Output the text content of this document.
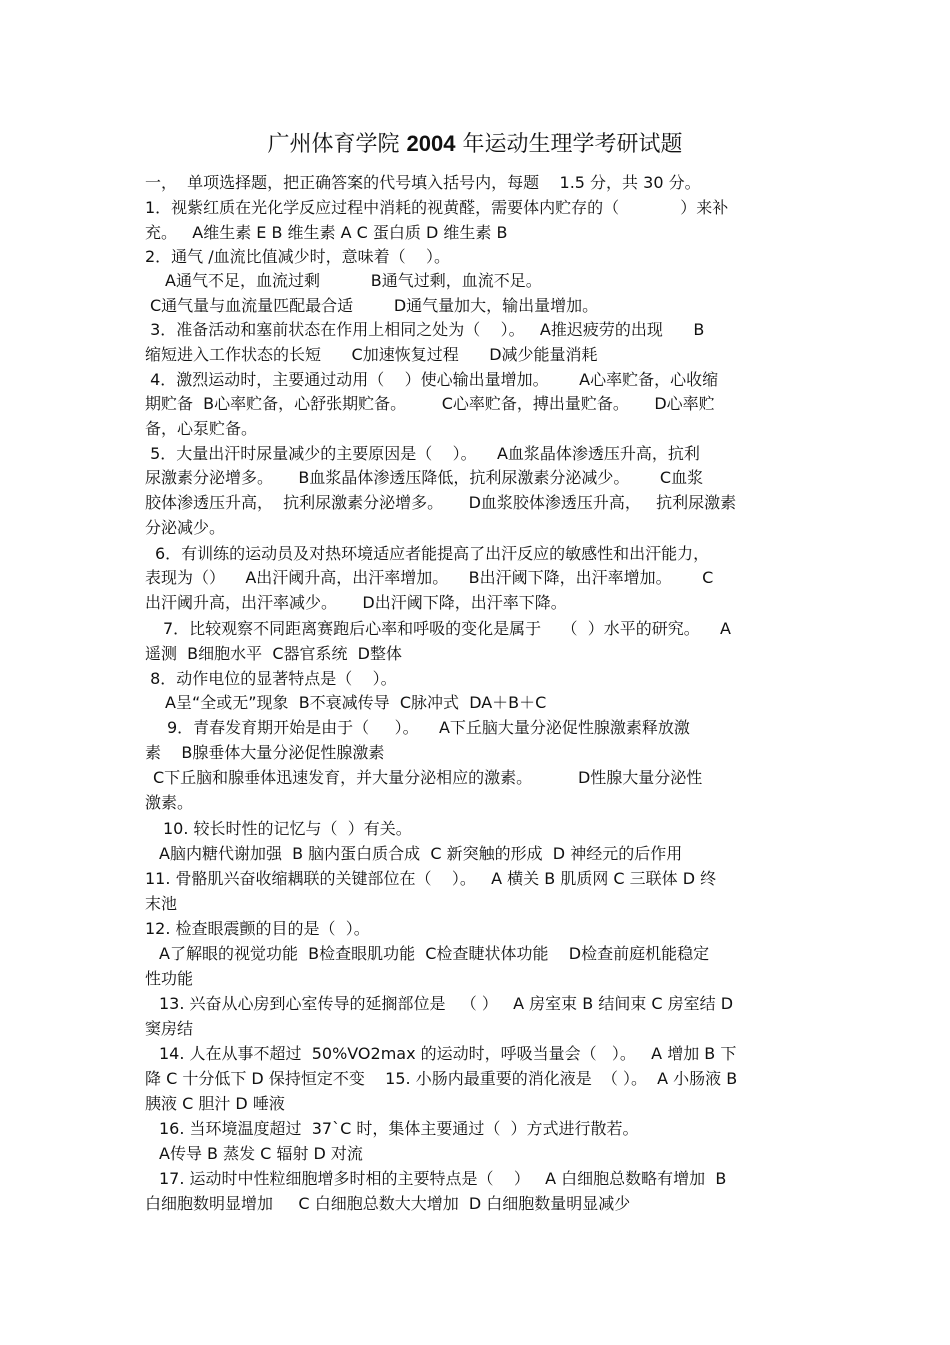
广州体育学院 2004 年运动生理学考研试题
一，  单项选择题，把正确答案的代号填入括号内，每题    1.5 分，共 30 分。
1．视紫红质在光化学反应过程中消耗的视黄醛，需要体内贮存的（            ）来补
充。   A维生素 E B 维生素 A C 蛋白质 D 维生素 B
2．通气 /血流比值减少时，意味着（    ）。
A通气不足，血流过剩          B通气过剩，血流不足。
C通气量与血流量匹配最合适        D通气量加大，输出量增加。
3．准备活动和塞前状态在作用上相同之处为（    ）。   A推迟疲劳的出现      B
缩短进入工作状态的长短      C加速恢复过程      D减少能量消耗
4．激烈运动时，主要通过动用（    ）使心输出量增加。      A心率贮备，心收缩
期贮备  B心率贮备，心舒张期贮备。       C心率贮备，搏出量贮备。     D心率贮
备，心泵贮备。
5．大量出汗时尿量减少的主要原因是（    ）。    A血浆晶体渗透压升高，抗利
尿激素分泌增多。     B血浆晶体渗透压降低，抗利尿激素分泌减少。      C血浆
胶体渗透压升高，  抗利尿激素分泌增多。     D血浆胶体渗透压升高，   抗利尿激素
分泌减少。
6．有训练的运动员及对热环境适应者能提高了出汗反应的敏感性和出汗能力，
表现为（）    A出汗阈升高，出汗率增加。    B出汗阈下降，出汗率增加。      C
出汗阈升高，出汗率减少。     D出汗阈下降，出汗率下降。
7．比较观察不同距离赛跑后心率和呼吸的变化是属于    （  ）水平的研究。    A
遥测  B细胞水平  C器官系统  D整体
8．动作电位的显著特点是（    ）。
A呈“全或无”现象  B不衰减传导  C脉冲式  DA＋B＋C
9．青春发育期开始是由于（     ）。    A下丘脑大量分泌促性腺激素释放激
素    B腺垂体大量分泌促性腺激素
C下丘脑和腺垂体迅速发育，并大量分泌相应的激素。         D性腺大量分泌性
激素。
10. 较长时性的记忆与（  ）有关。
A脑内糖代谢加强  B 脑内蛋白质合成  C 新突触的形成  D 神经元的后作用
11. 骨骼肌兴奋收缩耦联的关键部位在（    ）。   A 横关 B 肌质网 C 三联体 D 终
末池
12. 检查眼震颤的目的是（  ）。
A了解眼的视觉功能  B检查眼肌功能  C检查睫状体功能    D检查前庭机能稳定
性功能
13. 兴奋从心房到心室传导的延搁部位是   （ ）   A 房室束 B 结间束 C 房室结 D
窦房结
14. 人在从事不超过  50%VO2max 的运动时，呼吸当量会（   ）。   A 增加 B 下
降 C 十分低下 D 保持恒定不变    15. 小肠内最重要的消化液是  （ ）。  A 小肠液 B
胰液 C 胆汁 D 唾液
16. 当环境温度超过  37`C 时，集体主要通过（  ）方式进行散若。
A传导 B 蒸发 C 辐射 D 对流
17. 运动时中性粒细胞增多时相的主要特点是（    ）   A 白细胞总数略有增加  B
白细胞数明显增加     C 白细胞总数大大增加  D 白细胞数量明显减少
